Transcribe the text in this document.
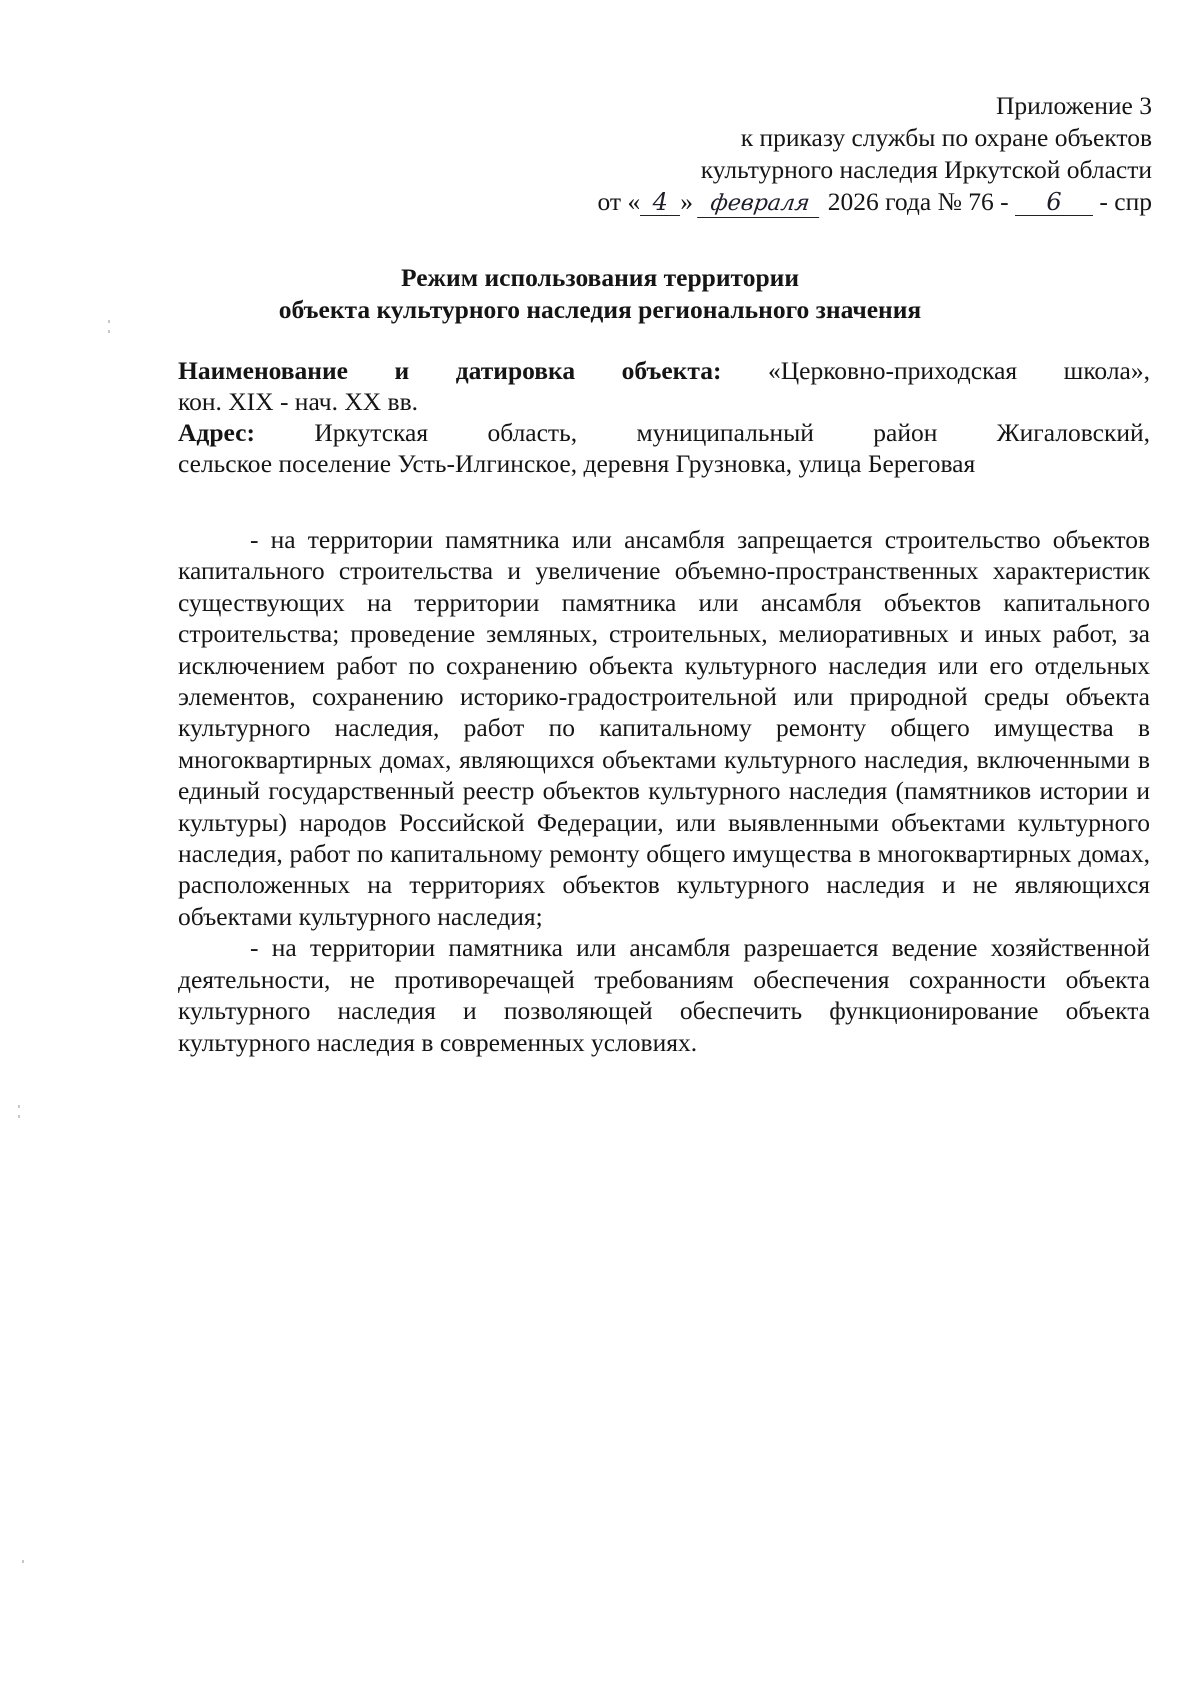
Приложение 3
к приказу службы по охране объектов
культурного наследия Иркутской области
от « 4 » февраля 2026 года № 76 - 6 - спр
Режим использования территории
объекта культурного наследия регионального значения

Наименование и датировка объекта: «Церковно-приходская школа»,

кон. XIX - нач. XX вв.

Адрес: Иркутская область, муниципальный район Жигаловский,

сельское поселение Усть-Илгинское, деревня Грузновка, улица Береговая

- на территории памятника или ансамбля запрещается строительство объектов капитального строительства и увеличение объемно-пространственных характеристик существующих на территории памятника или ансамбля объектов капитального строительства; проведение земляных, строительных, мелиоративных и иных работ, за исключением работ по сохранению объекта культурного наследия или его отдельных элементов, сохранению историко-градостроительной или природной среды объекта культурного наследия, работ по капитальному ремонту общего имущества в многоквартирных домах, являющихся объектами культурного наследия, включенными в единый государственный реестр объектов культурного наследия (памятников истории и культуры) народов Российской Федерации, или выявленными объектами культурного наследия, работ по капитальному ремонту общего имущества в многоквартирных домах, расположенных на территориях объектов культурного наследия и не являющихся объектами культурного наследия;

- на территории памятника или ансамбля разрешается ведение хозяйственной деятельности, не противоречащей требованиям обеспечения сохранности объекта культурного наследия и позволяющей обеспечить функционирование объекта культурного наследия в современных условиях.
